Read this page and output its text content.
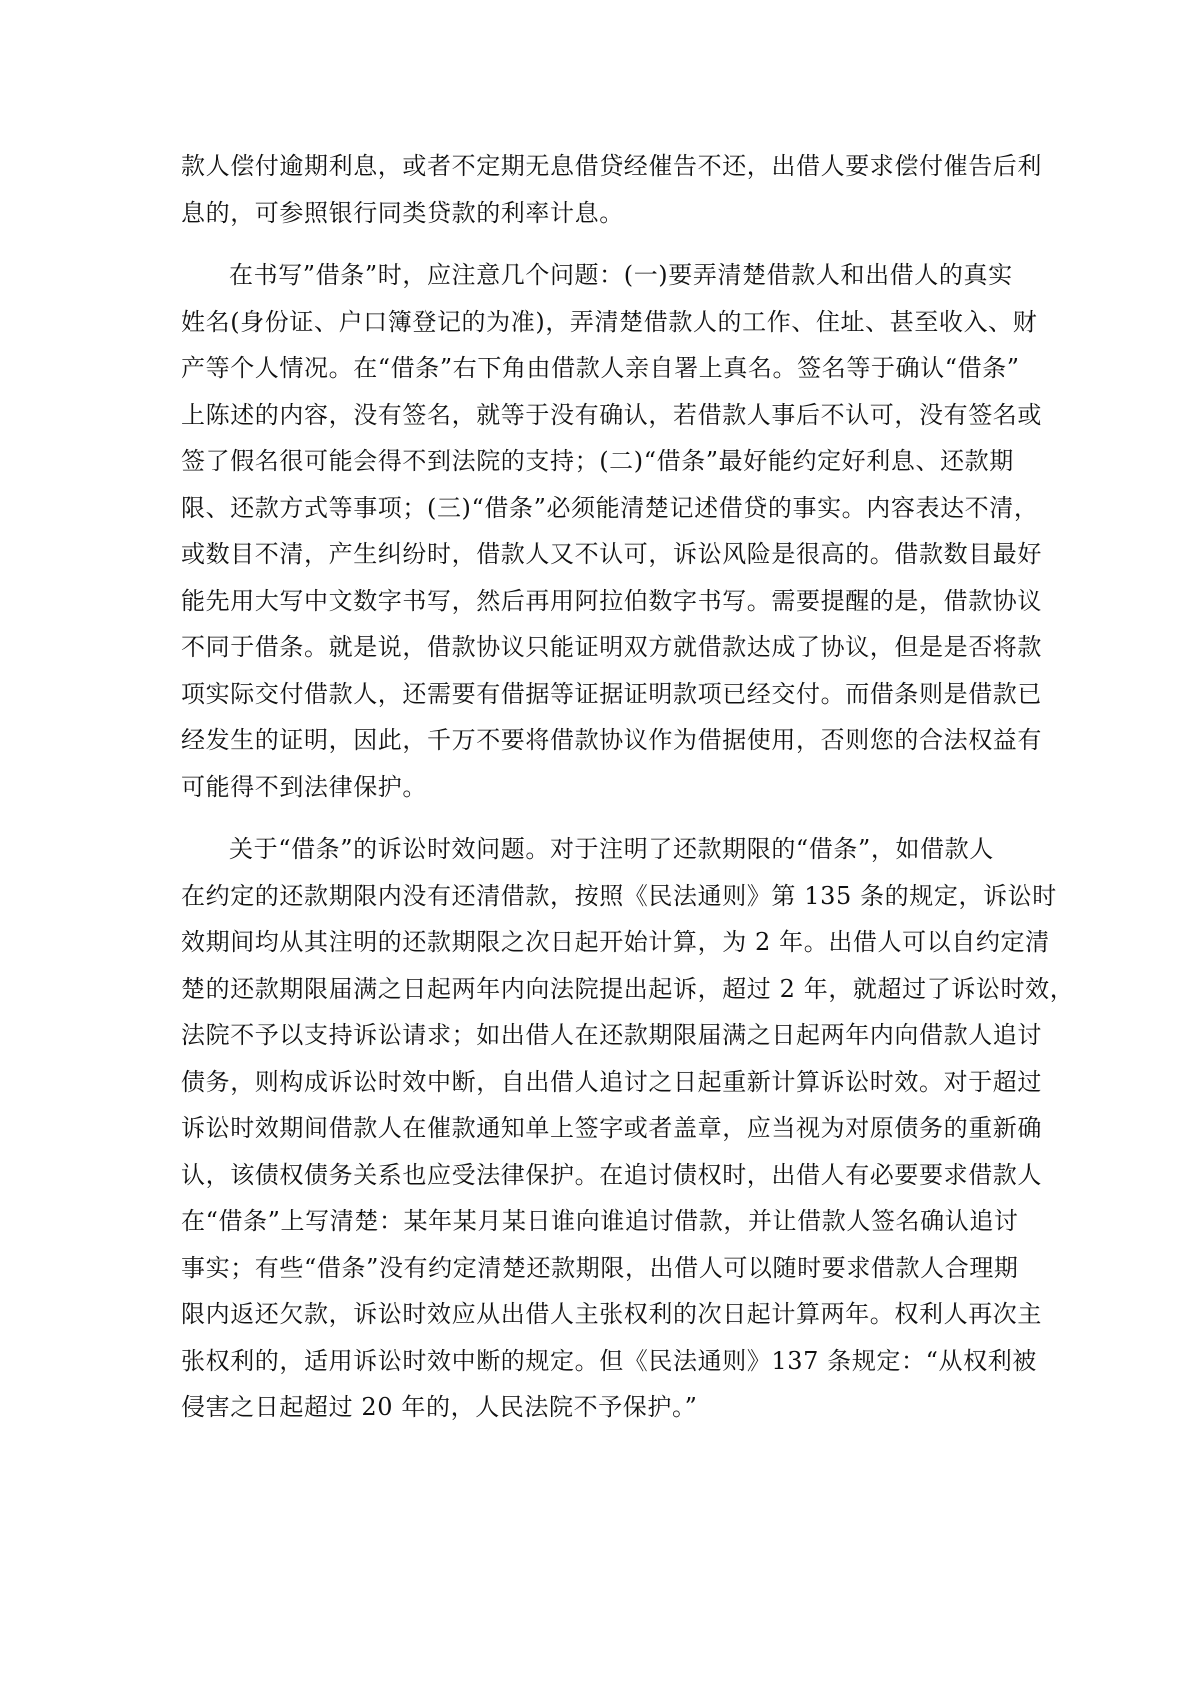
款人偿付逾期利息，或者不定期无息借贷经催告不还，出借人要求偿付催告后利
息的，可参照银行同类贷款的利率计息。
在书写”借条”时，应注意几个问题：(一)要弄清楚借款人和出借人的真实
姓名(身份证、户口簿登记的为准)，弄清楚借款人的工作、住址、甚至收入、财
产等个人情况。在“借条”右下角由借款人亲自署上真名。签名等于确认“借条”
上陈述的内容，没有签名，就等于没有确认，若借款人事后不认可，没有签名或
签了假名很可能会得不到法院的支持；(二)“借条”最好能约定好利息、还款期
限、还款方式等事项；(三)“借条”必须能清楚记述借贷的事实。内容表达不清，
或数目不清，产生纠纷时，借款人又不认可，诉讼风险是很高的。借款数目最好
能先用大写中文数字书写，然后再用阿拉伯数字书写。需要提醒的是，借款协议
不同于借条。就是说，借款协议只能证明双方就借款达成了协议，但是是否将款
项实际交付借款人，还需要有借据等证据证明款项已经交付。而借条则是借款已
经发生的证明，因此，千万不要将借款协议作为借据使用，否则您的合法权益有
可能得不到法律保护。
关于“借条”的诉讼时效问题。对于注明了还款期限的“借条”，如借款人
在约定的还款期限内没有还清借款，按照《民法通则》第 135 条的规定，诉讼时
效期间均从其注明的还款期限之次日起开始计算，为 2 年。出借人可以自约定清
楚的还款期限届满之日起两年内向法院提出起诉，超过 2 年，就超过了诉讼时效，
法院不予以支持诉讼请求；如出借人在还款期限届满之日起两年内向借款人追讨
债务，则构成诉讼时效中断，自出借人追讨之日起重新计算诉讼时效。对于超过
诉讼时效期间借款人在催款通知单上签字或者盖章，应当视为对原债务的重新确
认，该债权债务关系也应受法律保护。在追讨债权时，出借人有必要要求借款人
在“借条”上写清楚：某年某月某日谁向谁追讨借款，并让借款人签名确认追讨
事实；有些“借条”没有约定清楚还款期限，出借人可以随时要求借款人合理期
限内返还欠款，诉讼时效应从出借人主张权利的次日起计算两年。权利人再次主
张权利的，适用诉讼时效中断的规定。但《民法通则》137 条规定：“从权利被
侵害之日起超过 20 年的，人民法院不予保护。”
